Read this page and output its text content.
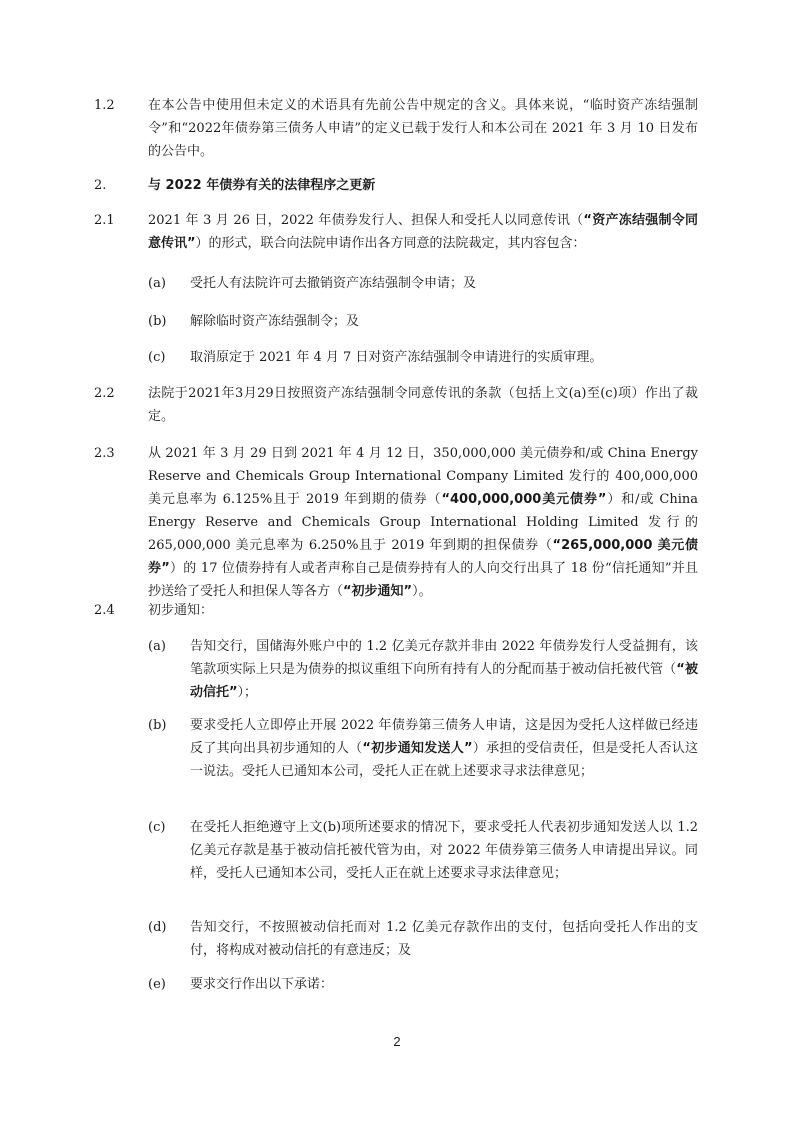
1.2	在本公告中使用但未定义的术语具有先前公告中规定的含义。具体来说，“临时资产冻结强制令”和“2022年债券第三债务人申请”的定义已载于发行人和本公司在 2021 年 3 月 10 日发布的公告中。
2.	与 2022 年债券有关的法律程序之更新
2.1	2021 年 3 月 26 日，2022 年债券发行人、担保人和受托人以同意传讯（“资产冻结强制令同意传讯”）的形式，联合向法院申请作出各方同意的法院裁定，其内容包含：
(a)	受托人有法院许可去撤销资产冻结强制令申请；及
(b)	解除临时资产冻结强制令；及
(c)	取消原定于 2021 年 4 月 7 日对资产冻结强制令申请进行的实质审理。
2.2	法院于2021年3月29日按照资产冻结强制令同意传讯的条款（包括上文(a)至(c)项）作出了裁定。
2.3	从 2021 年 3 月 29 日到 2021 年 4 月 12 日，350,000,000 美元债券和/或 China Energy Reserve and Chemicals Group International Company Limited 发行的 400,000,000 美元息率为 6.125%且于 2019 年到期的债券（“400,000,000美元债券”）和/或 China Energy Reserve and Chemicals Group International Holding Limited 发行的 265,000,000 美元息率为 6.250%且于 2019 年到期的担保债券（“265,000,000 美元债券”）的 17 位债券持有人或者声称自己是债券持有人的人向交行出具了 18 份“信托通知”并且抄送给了受托人和担保人等各方（“初步通知”）。
2.4	初步通知：
(a)	告知交行，国储海外账户中的 1.2 亿美元存款并非由 2022 年债券发行人受益拥有，该笔款项实际上只是为债券的拟议重组下向所有持有人的分配而基于被动信托被代管（“被动信托”）；
(b)	要求受托人立即停止开展 2022 年债券第三债务人申请，这是因为受托人这样做已经违反了其向出具初步通知的人（“初步通知发送人”）承担的受信责任，但是受托人否认这一说法。受托人已通知本公司，受托人正在就上述要求寻求法律意见；
(c)	在受托人拒绝遵守上文(b)项所述要求的情况下，要求受托人代表初步通知发送人以 1.2 亿美元存款是基于被动信托被代管为由，对 2022 年债券第三债务人申请提出异议。同样，受托人已通知本公司，受托人正在就上述要求寻求法律意见；
(d)	告知交行，不按照被动信托而对 1.2 亿美元存款作出的支付，包括向受托人作出的支付，将构成对被动信托的有意违反；及
(e)	要求交行作出以下承诺：
2
